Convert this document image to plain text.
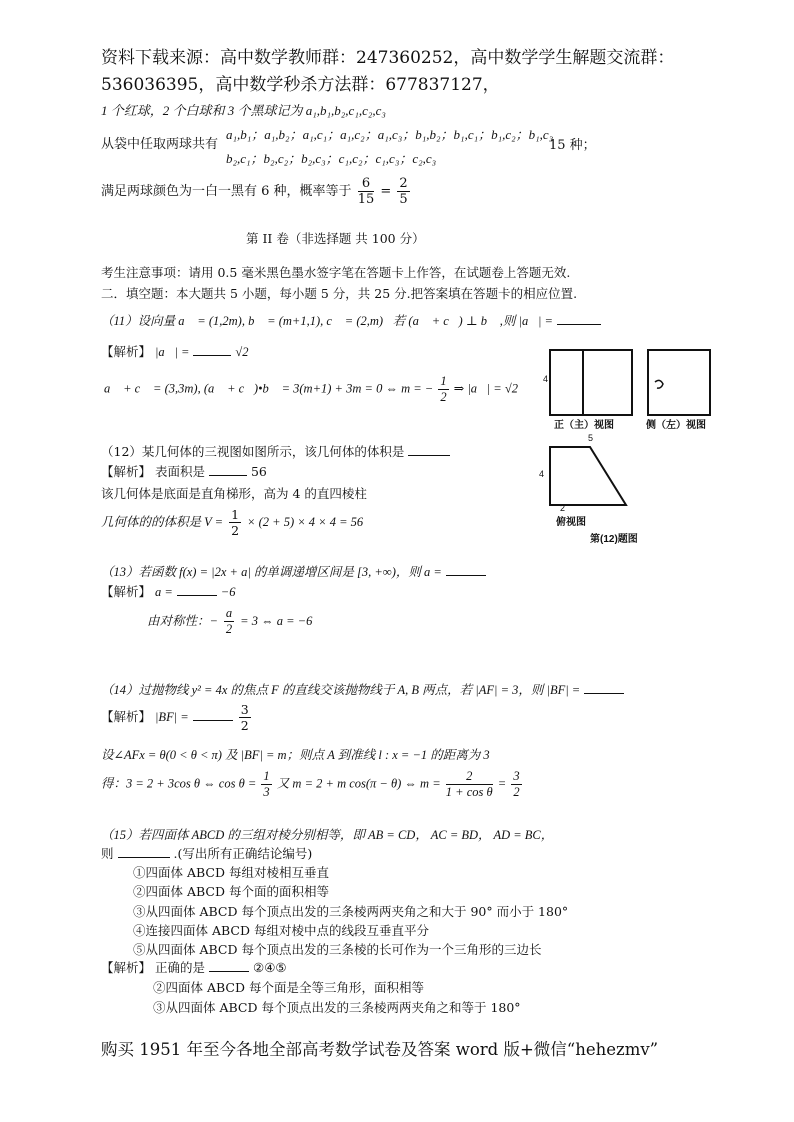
资料下载来源：高中数学教师群：247360252，高中数学学生解题交流群：
536036395，高中数学秒杀方法群：677837127，
1 个红球，2 个白球和 3 个黑球记为 a₁,b₁,b₂,c₁,c₂,c₃
从袋中任取两球共有
a₁,b₁；a₁,b₂；a₁,c₁；a₁,c₂；a₁,c₃；b₁,b₂；b₁,c₁；b₁,c₂；b₁,c₃
b₂,c₁；b₂,c₂；b₂,c₃；c₁,c₂；c₁,c₃；c₂,c₃
15 种；
满足两球颜色为一白一黑有 6 种，概率等于 $\frac{6}{15} = \frac{2}{5}$
第 II 卷（非选择题 共 100 分）
考生注意事项：请用 0.5 毫米黑色墨水签字笔在答题卡上作答，在试题卷上答题无效.
二．填空题：本大题共 5 小题，每小题 5 分，共 25 分.把答案填在答题卡的相应位置.
（11）设向量 a⃗ = (1,2m), b⃗ = (m+1,1), c⃗ = (2,m)，若 (a⃗ + c⃗) ⊥ b⃗ ,则 |a⃗| =
【解析】 |a⃗| =	√2
a⃗ + c⃗ = (3,3m), (a⃗ + c⃗)•b⃗ = 3(m+1) + 3m = 0 ⇔ m = − $\frac{1}{2}$ ⇒ |a⃗| = √2
4
正（主）视图	侧（左）视图
5
4
2
俯视图
第(12)题图
（12）某几何体的三视图如图所示，该几何体的体积是
【解析】 表面积是	56
该几何体是底面是直角梯形，高为 4 的直四棱柱
几何体的的体积是 $V = \frac{1}{2} \times (2 + 5) \times 4 \times 4 = 56$
（13）若函数 f(x) = |2x + a| 的单调递增区间是 [3, +∞)，则 a =
【解析】 a =	−6
由对称性：− $\frac{a}{2} = 3$ ⇔ a = −6
（14）过抛物线 y² = 4x 的焦点 F 的直线交该抛物线于 A, B 两点，若 |AF| = 3，则 |BF| =
【解析】 |BF| =	$\frac{3}{2}$
设∠AFx = θ(0 < θ < π) 及 |BF| = m；则点 A 到准线 l : x = −1 的距离为 3
得：3 = 2 + 3cos θ ⇔ $\cos \theta = \frac{1}{3}$ 又 m = 2 + m cos(π − θ) ⇔ $m = \frac{2}{\text{1 + cos θ}} = \frac{3}{2}$
（15）若四面体 ABCD 的三组对棱分别相等，即 AB = CD， AC = BD， AD = BC，
则	.(写出所有正确结论编号)
①四面体 ABCD 每组对棱相互垂直
②四面体 ABCD 每个面的面积相等
③从四面体 ABCD 每个顶点出发的三条棱两两夹角之和大于 90° 而小于 180°
④连接四面体 ABCD 每组对棱中点的线段互垂直平分
⑤从四面体 ABCD 每个顶点出发的三条棱的长可作为一个三角形的三边长
【解析】 正确的是	②④⑤
②四面体 ABCD 每个面是全等三角形，面积相等
③从四面体 ABCD 每个顶点出发的三条棱两两夹角之和等于 180°
购买 1951 年至今各地全部高考数学试卷及答案 word 版+微信“hehezmv”
